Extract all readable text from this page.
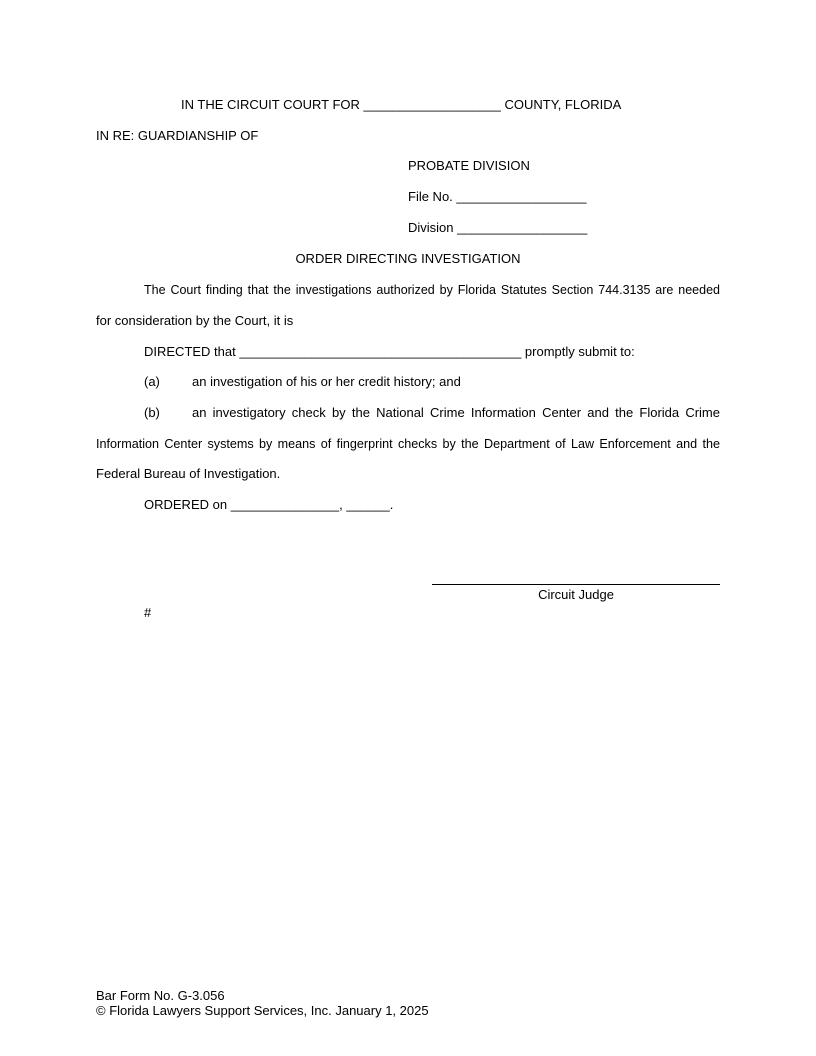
IN THE CIRCUIT COURT FOR ___________________ COUNTY, FLORIDA
IN RE: GUARDIANSHIP OF
PROBATE DIVISION
File No. __________________
Division __________________
ORDER DIRECTING INVESTIGATION
The Court finding that the investigations authorized by Florida Statutes Section 744.3135 are needed
for consideration by the Court, it is
DIRECTED that _______________________________________ promptly submit to:
(a) an investigation of his or her credit history; and
(b) an investigatory check by the National Crime Information Center and the Florida Crime
Information Center systems by means of fingerprint checks by the Department of Law Enforcement and the
Federal Bureau of Investigation.
ORDERED on _______________, ______.
Circuit Judge
#
Bar Form No. G-3.056
© Florida Lawyers Support Services, Inc. January 1, 2025
